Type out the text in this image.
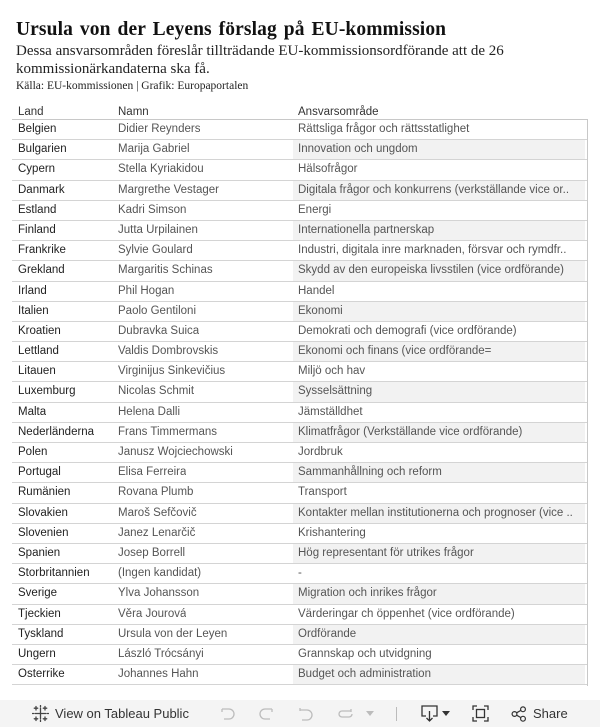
Ursula von der Leyens förslag på EU-kommission
Dessa ansvarsområden föreslår tillträdande EU-kommissionsordförande att de 26 kommissionärkandaterna ska få.
Källa: EU-kommissionen | Grafik: Europaportalen
Land	Namn	Ansvarsområde
Belgien	Didier Reynders	Rättsliga frågor och rättsstatlighet
Bulgarien	Marija Gabriel	Innovation och ungdom
Cypern	Stella Kyriakidou	Hälsofrågor
Danmark	Margrethe Vestager	Digitala frågor och konkurrens (verkställande vice or..
Estland	Kadri Simson	Energi
Finland	Jutta Urpilainen	Internationella partnerskap
Frankrike	Sylvie Goulard	Industri, digitala inre marknaden, försvar och rymdfr..
Grekland	Margaritis Schinas	Skydd av den europeiska livsstilen (vice ordförande)
Irland	Phil Hogan	Handel
Italien	Paolo Gentiloni	Ekonomi
Kroatien	Dubravka Šuica	Demokrati och demografi (vice ordförande)
Lettland	Valdis Dombrovskis	Ekonomi och finans (vice ordförande=
Litauen	Virginijus Sinkevičius	Miljö och hav
Luxemburg	Nicolas Schmit	Sysselsättning
Malta	Helena Dalli	Jämställdhet
Nederländerna Frans Timmermans	Klimatfrågor (Verkställande vice ordförande)
Polen	Janusz Wojciechowski	Jordbruk
Portugal	Elisa Ferreira	Sammanhållning och reform
Rumänien	Rovana Plumb	Transport
Slovakien	Maroš Šefčovič	Kontakter mellan institutionerna och prognoser (vice ..
Slovenien	Janez Lenarčič	Krishantering
Spanien	Josep Borrell	Hög representant för utrikes frågor
Storbritannien (Ingen kandidat)	-
Sverige	Ylva Johansson	Migration och inrikes frågor
Tjeckien	Věra Jourová	Värderingar ch öppenhet (vice ordförande)
Tyskland	Ursula von der Leyen	Ordförande
Ungern	László Trócsányi	Grannskap och utvidgning
Österrike	Johannes Hahn	Budget och administration
View on Tableau Public	Share
